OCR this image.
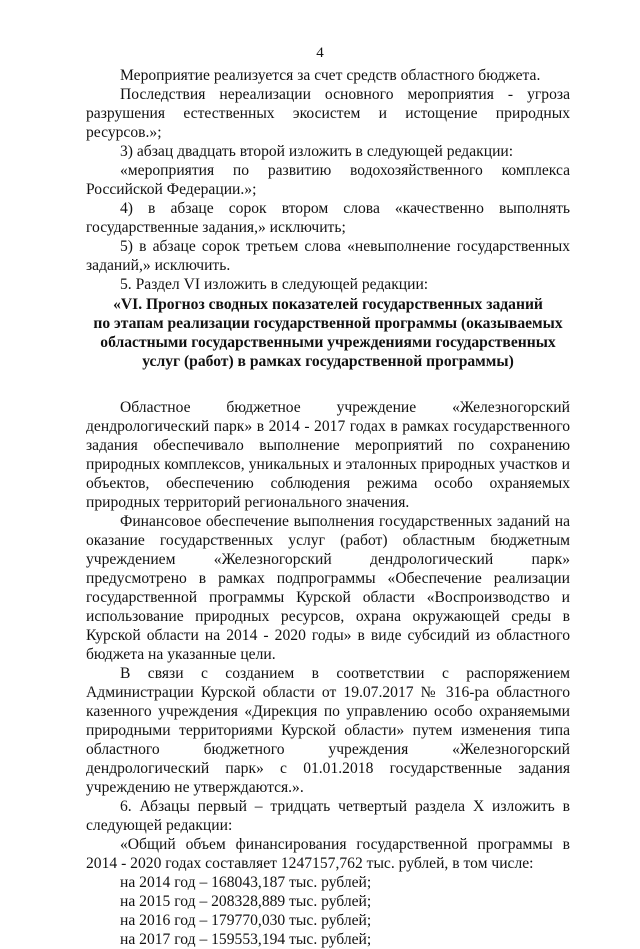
4

Мероприятие реализуется за счет средств областного бюджета.

Последствия нереализации основного мероприятия - угроза разрушения естественных экосистем и истощение природных ресурсов.»;

3) абзац двадцать второй изложить в следующей редакции:

«мероприятия по развитию водохозяйственного комплекса Российской Федерации.»;

4) в абзаце сорок втором слова «качественно выполнять государственные задания,» исключить;

5) в абзаце сорок третьем слова «невыполнение государственных заданий,» исключить.

5. Раздел VI изложить в следующей редакции:

«VI. Прогноз сводных показателей государственных заданий
по этапам реализации государственной программы (оказываемых
областными государственными учреждениями государственных
услуг (работ) в рамках государственной программы)

Областное бюджетное учреждение «Железногорский дендрологический парк» в 2014 - 2017 годах в рамках государственного задания обеспечивало выполнение мероприятий по сохранению природных комплексов, уникальных и эталонных природных участков и объектов, обеспечению соблюдения режима особо охраняемых природных территорий регионального значения.

Финансовое обеспечение выполнения государственных заданий на оказание государственных услуг (работ) областным бюджетным учреждением «Железногорский дендрологический парк» предусмотрено в рамках подпрограммы «Обеспечение реализации государственной программы Курской области «Воспроизводство и использование природных ресурсов, охрана окружающей среды в Курской области на 2014 - 2020 годы» в виде субсидий из областного бюджета на указанные цели.

В связи с созданием в соответствии с распоряжением Администрации Курской области от 19.07.2017 № 316-ра областного казенного учреждения «Дирекция по управлению особо охраняемыми природными территориями Курской области» путем изменения типа областного бюджетного учреждения «Железногорский дендрологический парк» с 01.01.2018 государственные задания учреждению не утверждаются.».

6. Абзацы первый – тридцать четвертый раздела X изложить в следующей редакции:

«Общий объем финансирования государственной программы в 2014 - 2020 годах составляет 1247157,762 тыс. рублей, в том числе:

на 2014 год – 168043,187 тыс. рублей;

на 2015 год – 208328,889 тыс. рублей;

на 2016 год – 179770,030 тыс. рублей;

на 2017 год – 159553,194 тыс. рублей;
